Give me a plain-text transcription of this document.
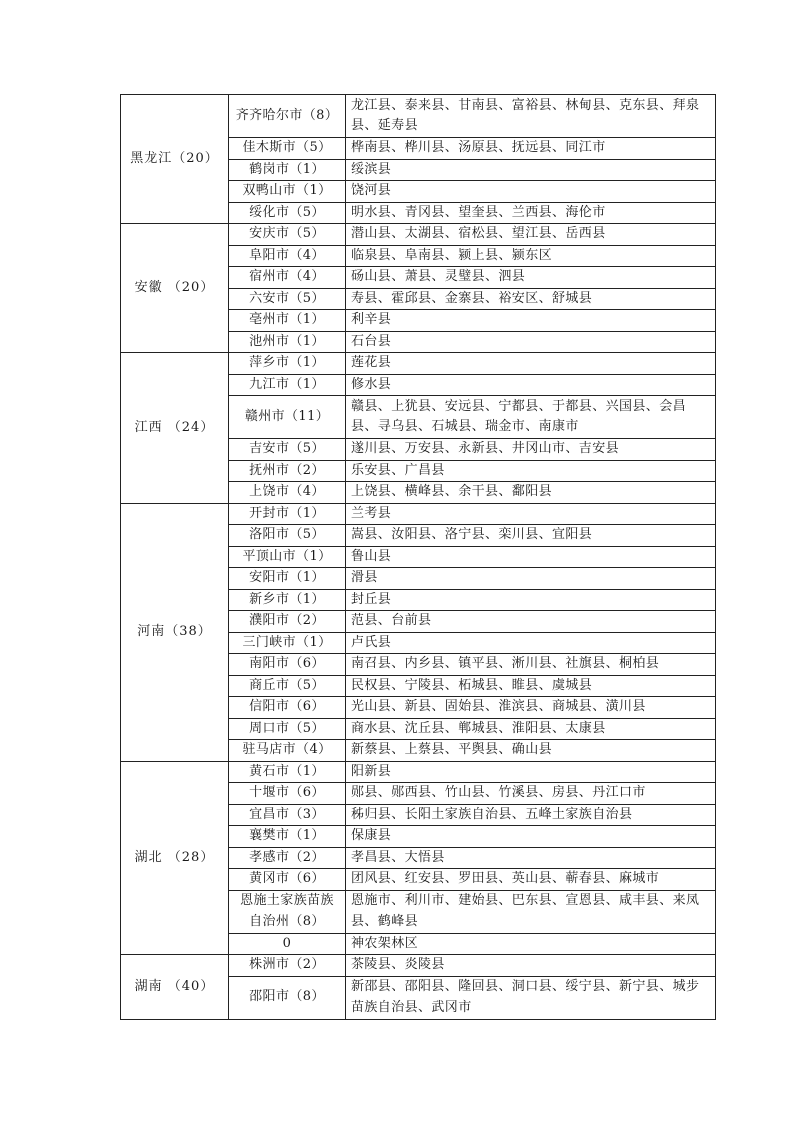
黑龙江（20）	齐齐哈尔市（8）	龙江县、泰来县、甘南县、富裕县、林甸县、克东县、拜泉县、延寿县
	佳木斯市（5）	桦南县、桦川县、汤原县、抚远县、同江市
	鹤岗市（1）	绥滨县
	双鸭山市（1）	饶河县
	绥化市（5）	明水县、青冈县、望奎县、兰西县、海伦市
安徽 （20）	安庆市（5）	潜山县、太湖县、宿松县、望江县、岳西县
	阜阳市（4）	临泉县、阜南县、颍上县、颍东区
	宿州市（4）	砀山县、萧县、灵璧县、泗县
	六安市（5）	寿县、霍邱县、金寨县、裕安区、舒城县
	亳州市（1）	利辛县
	池州市（1）	石台县
江西 （24）	萍乡市（1）	莲花县
	九江市（1）	修水县
	赣州市（11）	赣县、上犹县、安远县、宁都县、于都县、兴国县、会昌县、寻乌县、石城县、瑞金市、南康市
	吉安市（5）	遂川县、万安县、永新县、井冈山市、吉安县
	抚州市（2）	乐安县、广昌县
	上饶市（4）	上饶县、横峰县、余干县、鄱阳县
河南（38）	开封市（1）	兰考县
	洛阳市（5）	嵩县、汝阳县、洛宁县、栾川县、宜阳县
	平顶山市（1）	鲁山县
	安阳市（1）	滑县
	新乡市（1）	封丘县
	濮阳市（2）	范县、台前县
	三门峡市（1）	卢氏县
	南阳市（6）	南召县、内乡县、镇平县、淅川县、社旗县、桐柏县
	商丘市（5）	民权县、宁陵县、柘城县、睢县、虞城县
	信阳市（6）	光山县、新县、固始县、淮滨县、商城县、潢川县
	周口市（5）	商水县、沈丘县、郸城县、淮阳县、太康县
	驻马店市（4）	新蔡县、上蔡县、平舆县、确山县
湖北 （28）	黄石市（1）	阳新县
	十堰市（6）	郧县、郧西县、竹山县、竹溪县、房县、丹江口市
	宜昌市（3）	秭归县、长阳土家族自治县、五峰土家族自治县
	襄樊市（1）	保康县
	孝感市（2）	孝昌县、大悟县
	黄冈市（6）	团风县、红安县、罗田县、英山县、蕲春县、麻城市
	恩施土家族苗族自治州（8）	恩施市、利川市、建始县、巴东县、宣恩县、咸丰县、来凤县、鹤峰县
	0	神农架林区
湖南 （40）	株洲市（2）	茶陵县、炎陵县
	邵阳市（8）	新邵县、邵阳县、隆回县、洞口县、绥宁县、新宁县、城步苗族自治县、武冈市
